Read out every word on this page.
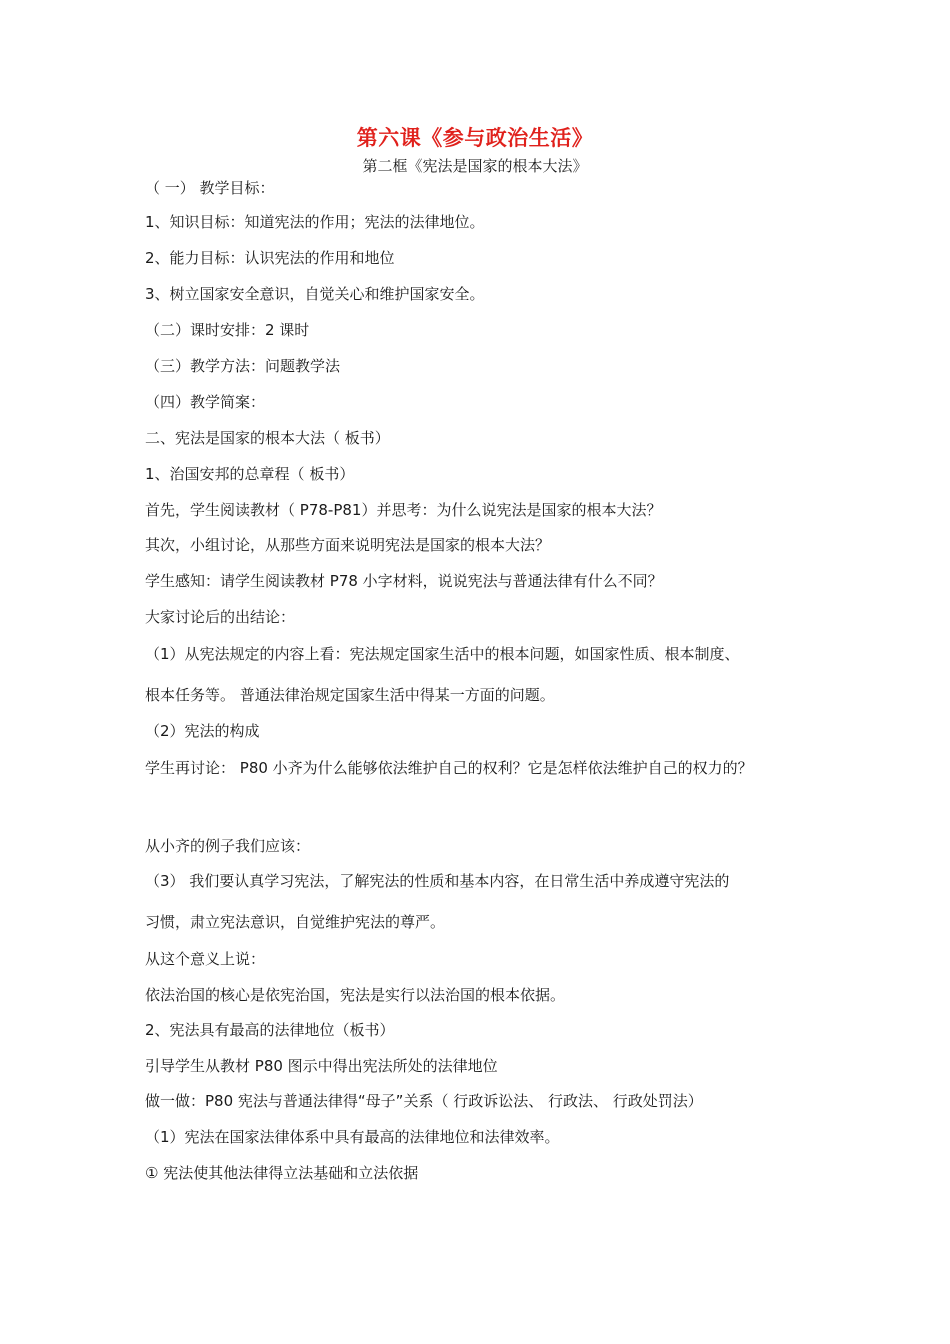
第六课《参与政治生活》
第二框《宪法是国家的根本大法》
（ 一） 教学目标：
1、知识目标：知道宪法的作用；宪法的法律地位。
2、能力目标：认识宪法的作用和地位
3、树立国家安全意识，自觉关心和维护国家安全。
（二）课时安排：2 课时
（三）教学方法：问题教学法
（四）教学简案：
二、宪法是国家的根本大法（ 板书）
1、治国安邦的总章程（ 板书）
首先，学生阅读教材（ P78-P81）并思考：为什么说宪法是国家的根本大法？
其次，小组讨论，从那些方面来说明宪法是国家的根本大法？
学生感知：请学生阅读教材 P78 小字材料，说说宪法与普通法律有什么不同？
大家讨论后的出结论：
（1）从宪法规定的内容上看：宪法规定国家生活中的根本问题，如国家性质、根本制度、
根本任务等。 普通法律治规定国家生活中得某一方面的问题。
（2）宪法的构成
学生再讨论： P80 小齐为什么能够依法维护自己的权利？它是怎样依法维护自己的权力的？
从小齐的例子我们应该：
（3） 我们要认真学习宪法，了解宪法的性质和基本内容，在日常生活中养成遵守宪法的
习惯，肃立宪法意识，自觉维护宪法的尊严。
从这个意义上说：
依法治国的核心是依宪治国，宪法是实行以法治国的根本依据。
2、宪法具有最高的法律地位（板书）
引导学生从教材 P80 图示中得出宪法所处的法律地位
做一做：P80 宪法与普通法律得“母子”关系（ 行政诉讼法、 行政法、 行政处罚法）
（1）宪法在国家法律体系中具有最高的法律地位和法律效率。
① 宪法使其他法律得立法基础和立法依据
